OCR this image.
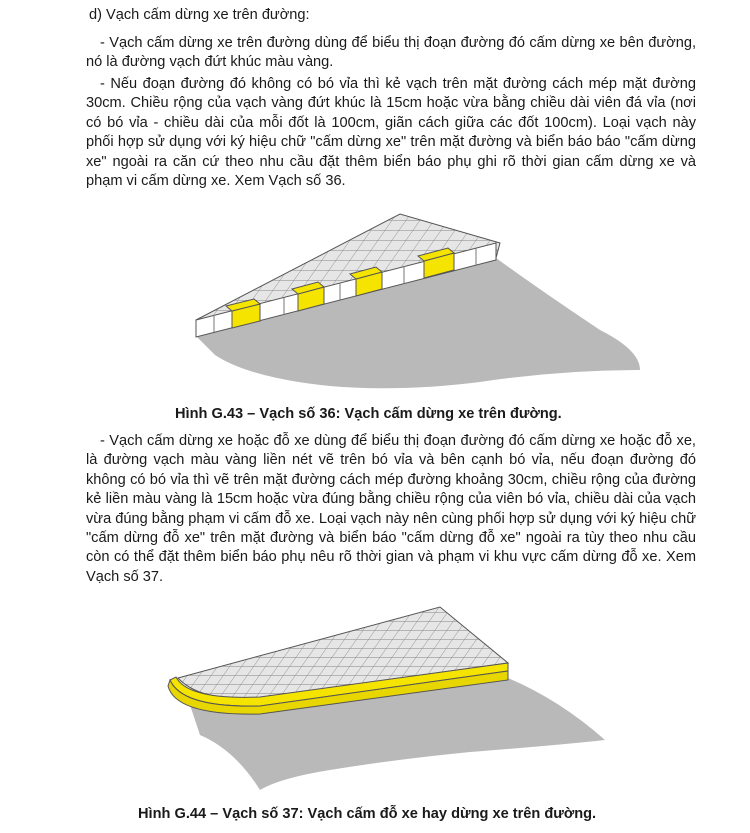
d) Vạch cấm dừng xe trên đường:

- Vạch cấm dừng xe trên đường dùng để biểu thị đoạn đường đó cấm dừng xe bên đường, nó là đường vạch đứt khúc màu vàng.

- Nếu đoạn đường đó không có bó vỉa thì kẻ vạch trên mặt đường cách mép mặt đường 30cm. Chiều rộng của vạch vàng đứt khúc là 15cm hoặc vừa bằng chiều dài viên đá vỉa (nơi có bó vỉa - chiều dài của mỗi đốt là 100cm, giãn cách giữa các đốt 100cm). Loại vạch này phối hợp sử dụng với ký hiệu chữ "cấm dừng xe" trên mặt đường và biển báo báo "cấm dừng xe" ngoài ra căn cứ theo nhu cầu đặt thêm biển báo phụ ghi rõ thời gian cấm dừng xe và phạm vi cấm dừng xe. Xem Vạch số 36.

Hình G.43 – Vạch số 36: Vạch cấm dừng xe trên đường.

- Vạch cấm dừng xe hoặc đỗ xe dùng để biểu thị đoạn đường đó cấm dừng xe hoặc đỗ xe, là đường vạch màu vàng liền nét vẽ trên bó vỉa và bên cạnh bó vỉa, nếu đoạn đường đó không có bó vỉa thì vẽ trên mặt đường cách mép đường khoảng 30cm, chiều rộng của đường kẻ liền màu vàng là 15cm hoặc vừa đúng bằng chiều rộng của viên bó vỉa, chiều dài của vạch vừa đúng bằng phạm vi cấm đỗ xe. Loại vạch này nên cùng phối hợp sử dụng với ký hiệu chữ "cấm dừng đỗ xe" trên mặt đường và biển báo "cấm dừng đỗ xe" ngoài ra tùy theo nhu cầu còn có thể đặt thêm biển báo phụ nêu rõ thời gian và phạm vi khu vực cấm dừng đỗ xe. Xem Vạch số 37.

Hình G.44 – Vạch số 37: Vạch cấm đỗ xe hay dừng xe trên đường.
